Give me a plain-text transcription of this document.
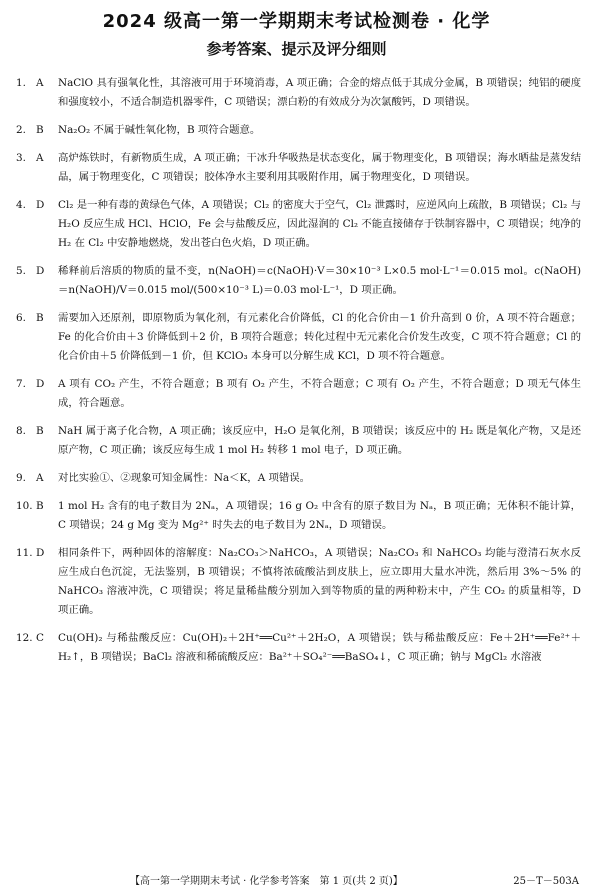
2024 级高一第一学期期末考试检测卷 · 化学
参考答案、提示及评分细则
1. A	NaClO 具有强氧化性，其溶液可用于环境消毒，A 项正确；合金的熔点低于其成分金属，B 项错误；纯铝的硬度和强度较小，不适合制造机器零件，C 项错误；漂白粉的有效成分为次氯酸钙，D 项错误。
2. B	Na₂O₂ 不属于碱性氧化物，B 项符合题意。
3. A	高炉炼铁时，有新物质生成，A 项正确；干冰升华吸热是状态变化，属于物理变化，B 项错误；海水晒盐是蒸发结晶，属于物理变化，C 项错误；胶体净水主要利用其吸附作用，属于物理变化，D 项错误。
4. D	Cl₂ 是一种有毒的黄绿色气体，A 项错误；Cl₂ 的密度大于空气，Cl₂ 泄露时，应逆风向上疏散，B 项错误；Cl₂ 与 H₂O 反应生成 HCl、HClO，Fe 会与盐酸反应，因此湿润的 Cl₂ 不能直接储存于铁制容器中，C 项错误；纯净的 H₂ 在 Cl₂ 中安静地燃烧，发出苍白色火焰，D 项正确。
5. D	稀释前后溶质的物质的量不变，n(NaOH)＝c(NaOH)·V＝30×10⁻³ L×0.5 mol·L⁻¹＝0.015 mol。c(NaOH)＝n(NaOH)/V＝0.015 mol/(500×10⁻³ L)＝0.03 mol·L⁻¹，D 项正确。
6. B	需要加入还原剂，即原物质为氧化剂，有元素化合价降低，Cl 的化合价由－1 价升高到 0 价，A 项不符合题意；Fe 的化合价由＋3 价降低到＋2 价，B 项符合题意；转化过程中无元素化合价发生改变，C 项不符合题意；Cl 的化合价由＋5 价降低到－1 价，但 KClO₃ 本身可以分解生成 KCl，D 项不符合题意。
7. D	A 项有 CO₂ 产生，不符合题意；B 项有 O₂ 产生，不符合题意；C 项有 O₂ 产生，不符合题意；D 项无气体生成，符合题意。
8. B	NaH 属于离子化合物，A 项正确；该反应中，H₂O 是氧化剂，B 项错误；该反应中的 H₂ 既是氧化产物，又是还原产物，C 项正确；该反应每生成 1 mol H₂ 转移 1 mol 电子，D 项正确。
9. A	对比实验①、②现象可知金属性：Na＜K，A 项错误。
10. B	1 mol H₂ 含有的电子数目为 2Nₐ，A 项错误；16 g O₂ 中含有的原子数目为 Nₐ，B 项正确；无体积不能计算，C 项错误；24 g Mg 变为 Mg²⁺ 时失去的电子数目为 2Nₐ，D 项错误。
11. D	相同条件下，两种固体的溶解度：Na₂CO₃＞NaHCO₃，A 项错误；Na₂CO₃ 和 NaHCO₃ 均能与澄清石灰水反应生成白色沉淀，无法鉴别，B 项错误；不慎将浓硫酸沾到皮肤上，应立即用大量水冲洗，然后用 3%～5% 的 NaHCO₃ 溶液冲洗，C 项错误；将足量稀盐酸分别加入到等物质的量的两种粉末中，产生 CO₂ 的质量相等，D 项正确。
12. C	Cu(OH)₂ 与稀盐酸反应：Cu(OH)₂＋2H⁺══Cu²⁺＋2H₂O，A 项错误；铁与稀盐酸反应：Fe＋2H⁺══Fe²⁺＋H₂↑，B 项错误；BaCl₂ 溶液和稀硫酸反应：Ba²⁺＋SO₄²⁻══BaSO₄↓，C 项正确；钠与 MgCl₂ 水溶液
【高一第一学期期末考试 · 化学参考答案　第 1 页(共 2 页)】	25－T－503A
